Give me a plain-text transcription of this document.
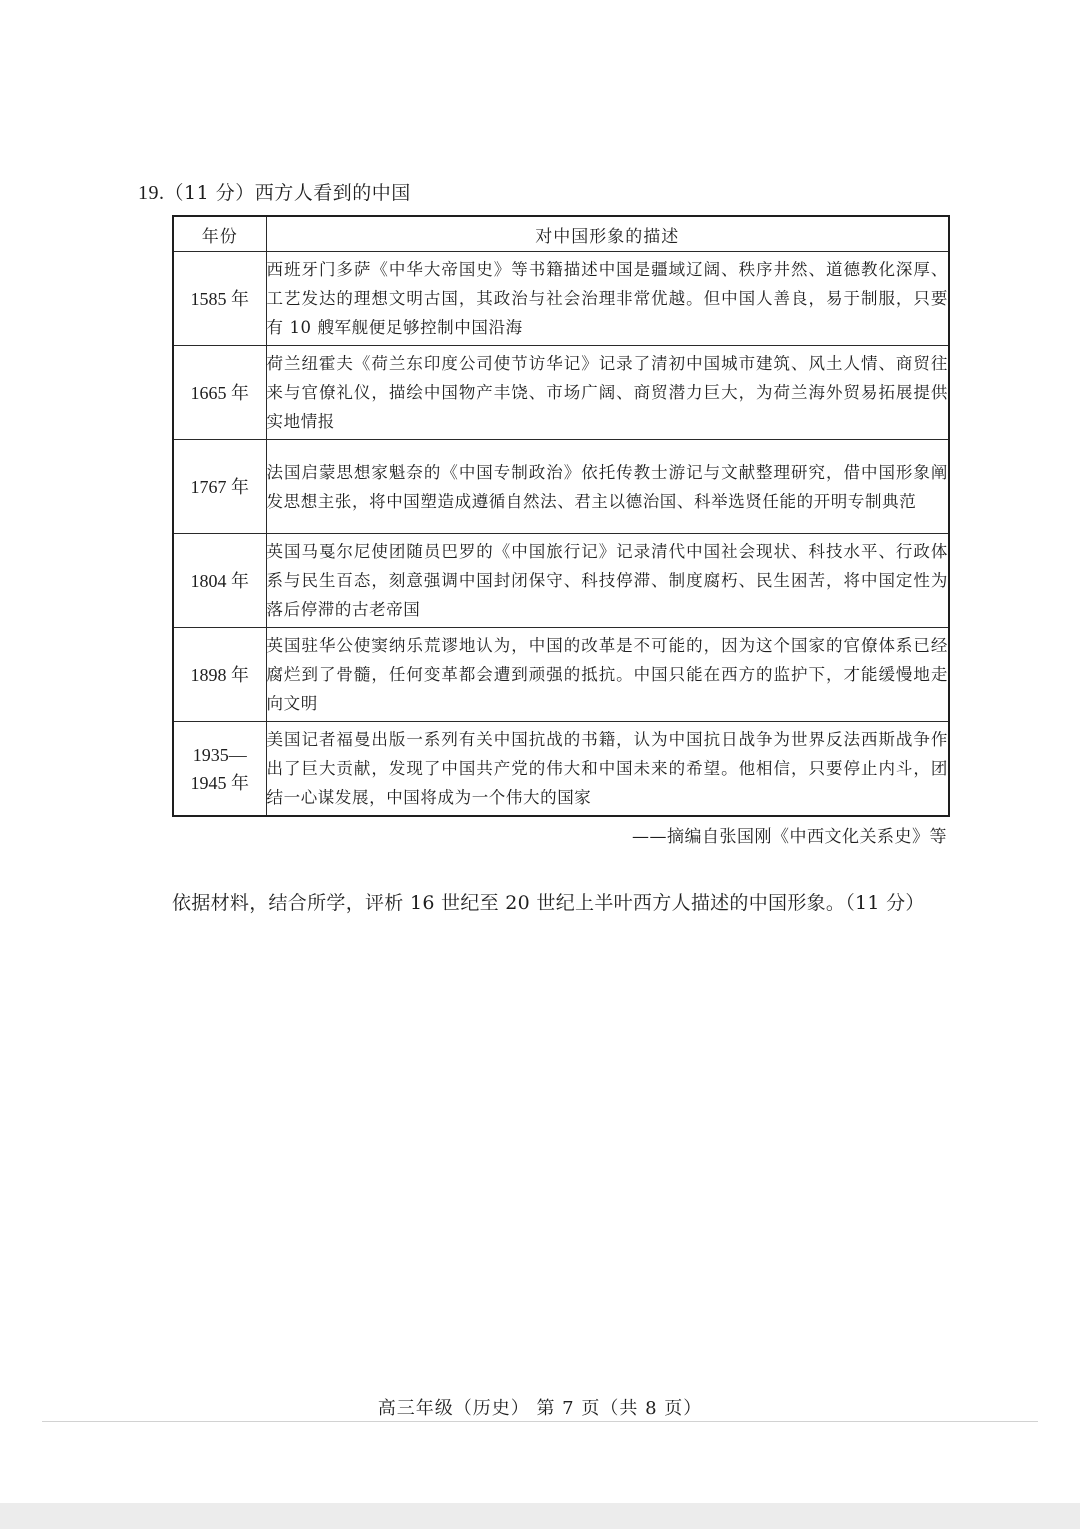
19.（11 分）西方人看到的中国
年份	对中国形象的描述

1585 年	西班牙门多萨《中华大帝国史》等书籍描述中国是疆域辽阔、秩序井然、道德教化深厚、工艺发达的理想文明古国，其政治与社会治理非常优越。但中国人善良，易于制服，只要有 10 艘军舰便足够控制中国沿海

1665 年	荷兰纽霍夫《荷兰东印度公司使节访华记》记录了清初中国城市建筑、风土人情、商贸往来与官僚礼仪，描绘中国物产丰饶、市场广阔、商贸潜力巨大，为荷兰海外贸易拓展提供实地情报

1767 年	法国启蒙思想家魁奈的《中国专制政治》依托传教士游记与文献整理研究，借中国形象阐发思想主张，将中国塑造成遵循自然法、君主以德治国、科举选贤任能的开明专制典范

1804 年	英国马戛尔尼使团随员巴罗的《中国旅行记》记录清代中国社会现状、科技水平、行政体系与民生百态，刻意强调中国封闭保守、科技停滞、制度腐朽、民生困苦，将中国定性为落后停滞的古老帝国

1898 年	英国驻华公使窦纳乐荒谬地认为，中国的改革是不可能的，因为这个国家的官僚体系已经腐烂到了骨髓，任何变革都会遭到顽强的抵抗。中国只能在西方的监护下，才能缓慢地走向文明

1935—
1945 年	美国记者福曼出版一系列有关中国抗战的书籍，认为中国抗日战争为世界反法西斯战争作出了巨大贡献，发现了中国共产党的伟大和中国未来的希望。他相信，只要停止内斗，团结一心谋发展，中国将成为一个伟大的国家
——摘编自张国刚《中西文化关系史》等
依据材料，结合所学，评析 16 世纪至 20 世纪上半叶西方人描述的中国形象。（11 分）
高三年级（历史） 第 7 页（共 8 页）
